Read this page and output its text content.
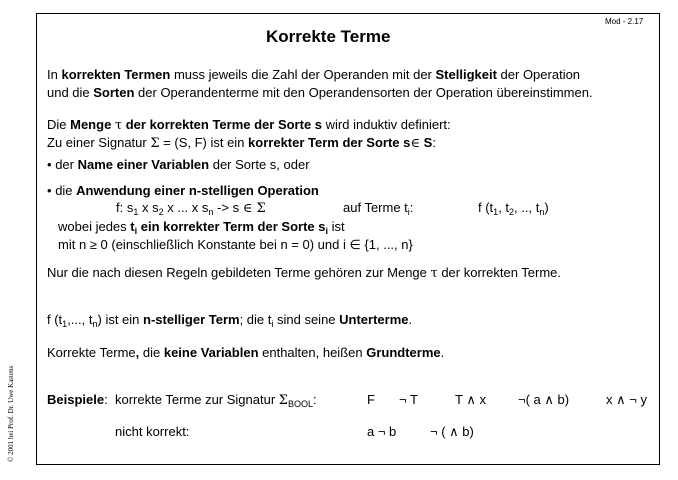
Mod - 2.17
Korrekte Terme
In korrekten Termen muss jeweils die Zahl der Operanden mit der Stelligkeit der Operation
und die Sorten der Operandenterme mit den Operandensorten der Operation übereinstimmen.
Die Menge τ der korrekten Terme der Sorte s wird induktiv definiert:
Zu einer Signatur Σ = (S, F) ist ein korrekter Term der Sorte s∈ S:
• der Name einer Variablen der Sorte s, oder
• die Anwendung einer n-stelligen Operation
f: $s_1$ x $s_2$ x ... x $s_n -> s$ ∈ Σ	auf Terme $t_i$:	f ($t_1$, $t_2$, .., $t_n$)
wobei jedes $t_i$ ein korrekter Term der Sorte $s_i$ ist
mit n ≥ 0 (einschließlich Konstante bei n = 0) und i ∈ {1, ..., n}
Nur die nach diesen Regeln gebildeten Terme gehören zur Menge τ der korrekten Terme.
f ($t_1$,..., $t_n$) ist ein n-stelliger Term; die $t_i$ sind seine Unterterme.
Korrekte Terme, die keine Variablen enthalten, heißen Grundterme.
Beispiele: korrekte Terme zur Signatur $\Sigma_{BOOL}$:	F ¬ T	T ∧ x ¬( a ∧ b)	x ∧ ¬ y
nicht korrekt:	a ¬ b	¬ ( ∧ b)
© 2001 bei Prof. Dr. Uwe Kastens
